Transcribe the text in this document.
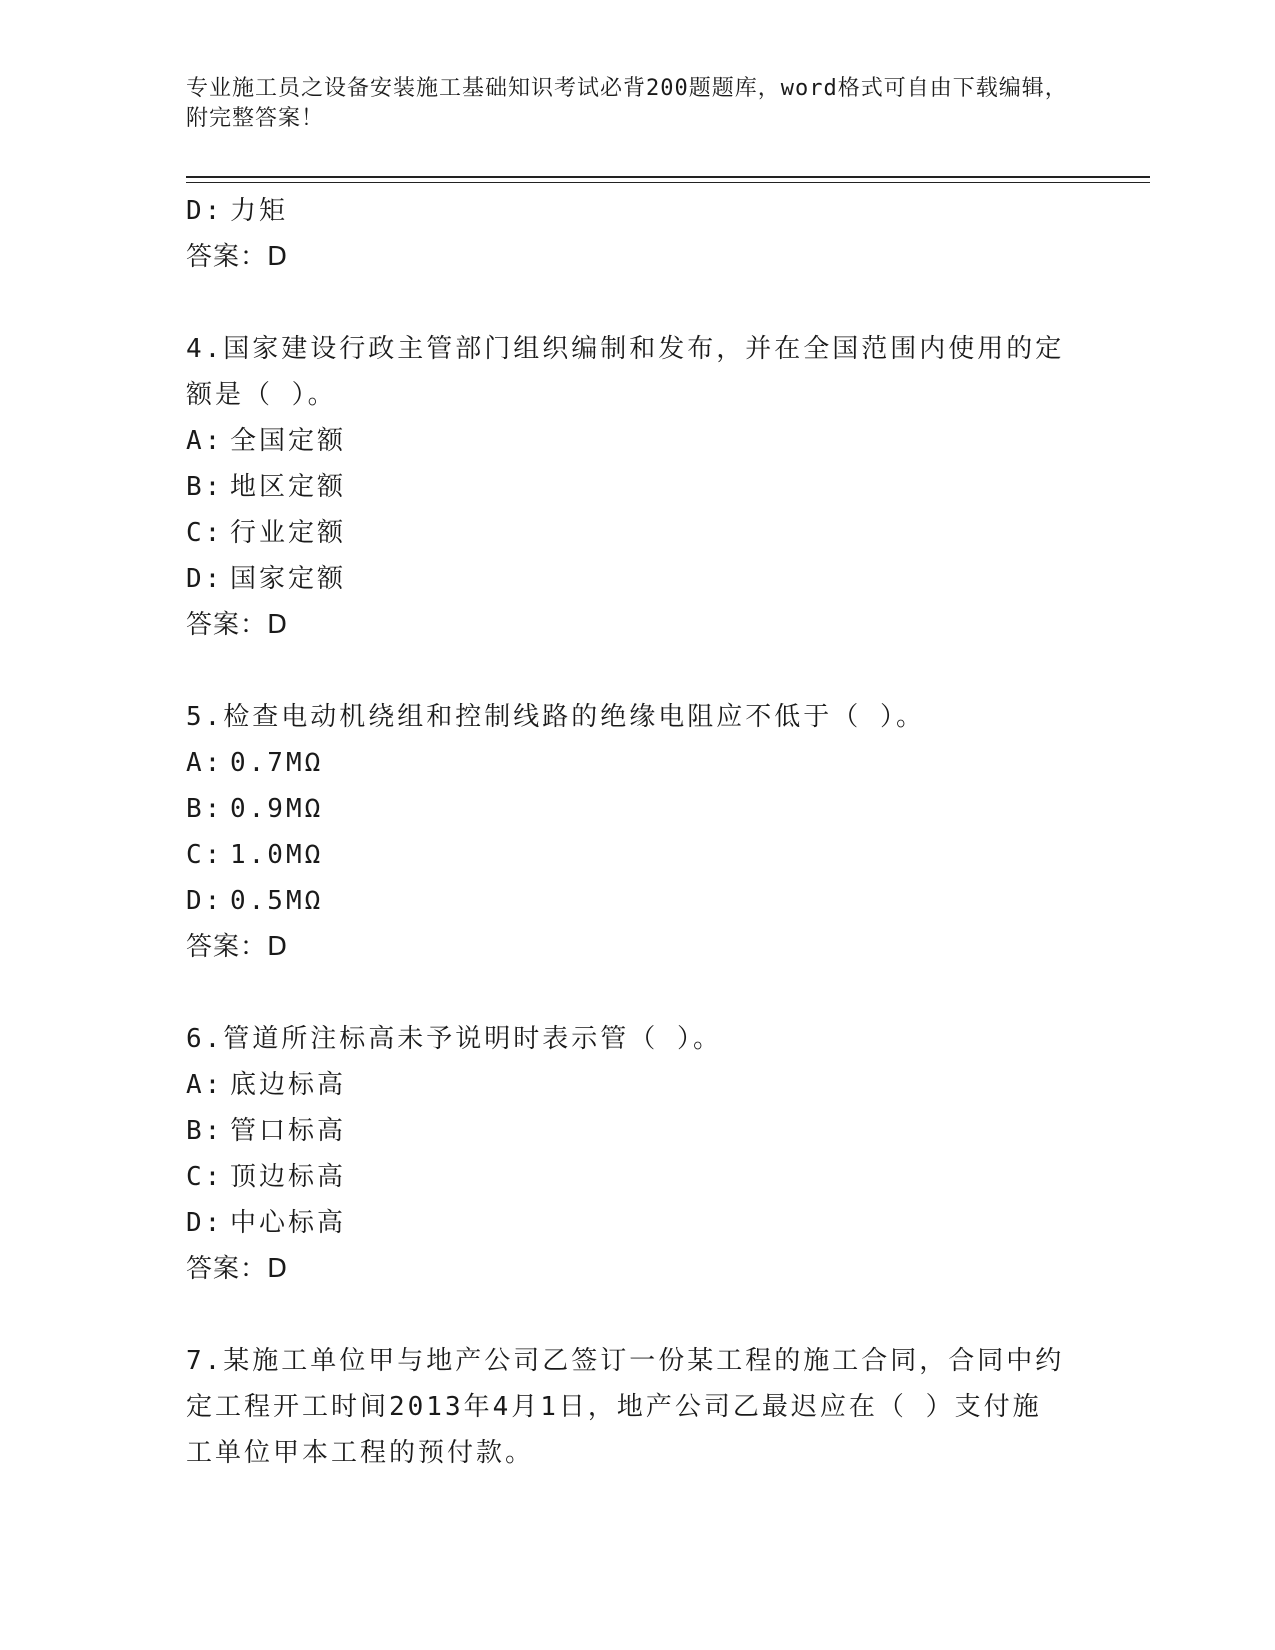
专业施工员之设备安装施工基础知识考试必背200题题库，word格式可自由下载编辑，附完整答案！
D: 力矩
答案：D
4.国家建设行政主管部门组织编制和发布，并在全国范围内使用的定额是（ ）。
A: 全国定额
B: 地区定额
C: 行业定额
D: 国家定额
答案：D
5.检查电动机绕组和控制线路的绝缘电阻应不低于（ ）。
A: 0.7MΩ
B: 0.9MΩ
C: 1.0MΩ
D: 0.5MΩ
答案：D
6.管道所注标高未予说明时表示管（ ）。
A: 底边标高
B: 管口标高
C: 顶边标高
D: 中心标高
答案：D
7.某施工单位甲与地产公司乙签订一份某工程的施工合同，合同中约定工程开工时间2013年4月1日，地产公司乙最迟应在（ ）支付施工单位甲本工程的预付款。
